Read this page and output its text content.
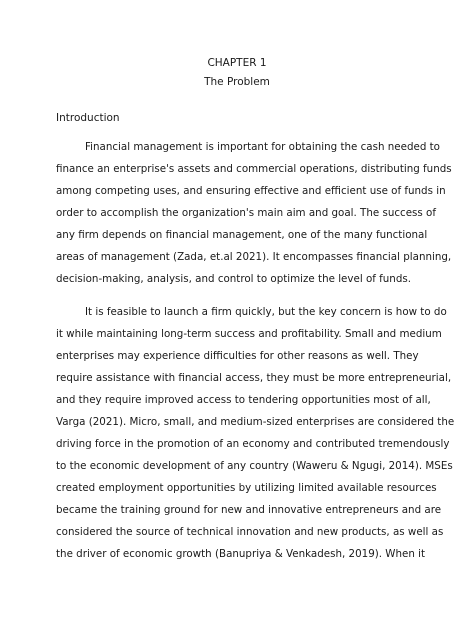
CHAPTER 1
The Problem
Introduction
Financial management is important for obtaining the cash needed to
finance an enterprise's assets and commercial operations, distributing funds
among competing uses, and ensuring effective and efficient use of funds in
order to accomplish the organization's main aim and goal. The success of
any firm depends on financial management, one of the many functional
areas of management (Zada, et.al 2021). It encompasses financial planning,
decision-making, analysis, and control to optimize the level of funds.
It is feasible to launch a firm quickly, but the key concern is how to do
it while maintaining long-term success and profitability. Small and medium
enterprises may experience difficulties for other reasons as well. They
require assistance with financial access, they must be more entrepreneurial,
and they require improved access to tendering opportunities most of all,
Varga (2021). Micro, small, and medium-sized enterprises are considered the
driving force in the promotion of an economy and contributed tremendously
to the economic development of any country (Waweru & Ngugi, 2014). MSEs
created employment opportunities by utilizing limited available resources
became the training ground for new and innovative entrepreneurs and are
considered the source of technical innovation and new products, as well as
the driver of economic growth (Banupriya & Venkadesh, 2019). When it
